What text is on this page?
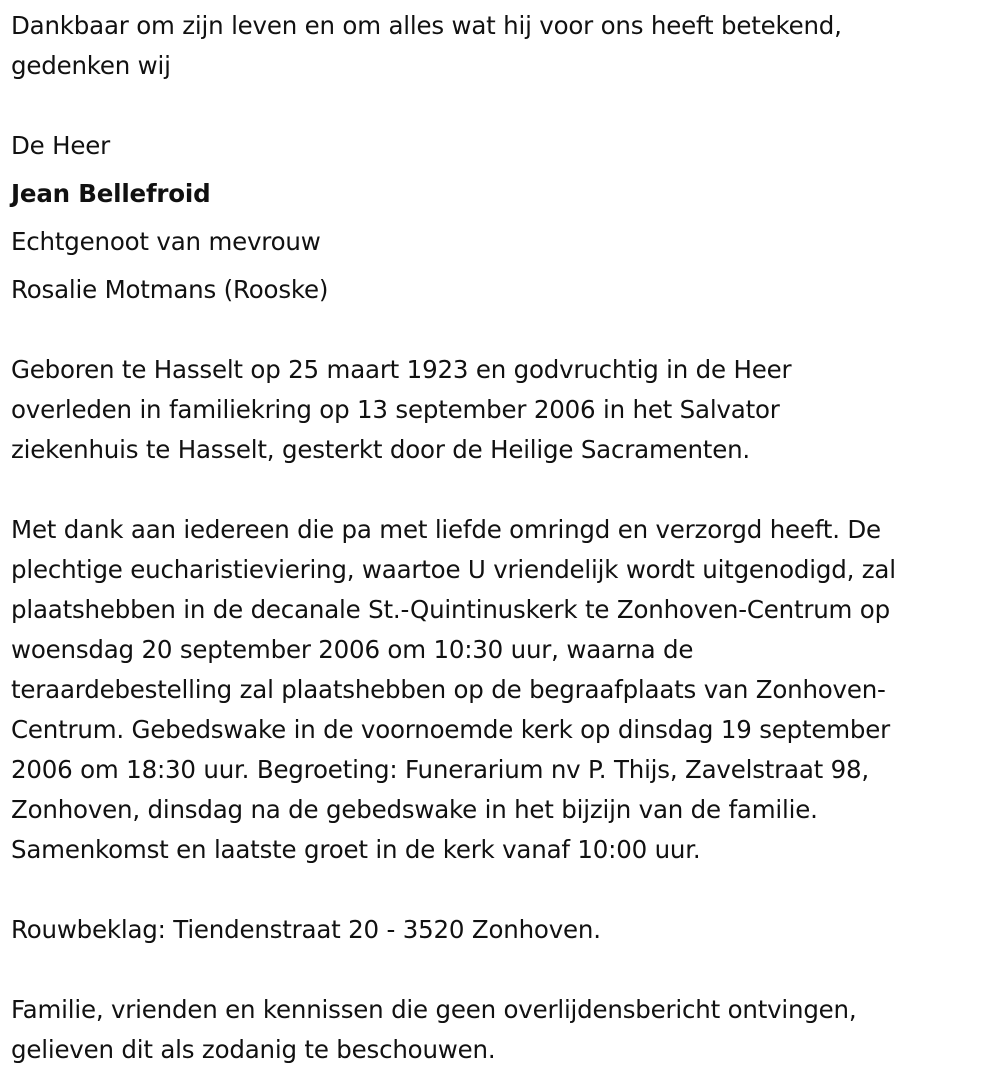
Dankbaar om zijn leven en om alles wat hij voor ons heeft betekend,
gedenken wij
De Heer
Jean Bellefroid
Echtgenoot van mevrouw
Rosalie Motmans (Rooske)
Geboren te Hasselt op 25 maart 1923 en godvruchtig in de Heer
overleden in familiekring op 13 september 2006 in het Salvator
ziekenhuis te Hasselt, gesterkt door de Heilige Sacramenten.
Met dank aan iedereen die pa met liefde omringd en verzorgd heeft. De
plechtige eucharistieviering, waartoe U vriendelijk wordt uitgenodigd, zal
plaatshebben in de decanale St.-Quintinuskerk te Zonhoven-Centrum op
woensdag 20 september 2006 om 10:30 uur, waarna de
teraardebestelling zal plaatshebben op de begraafplaats van Zonhoven-
Centrum. Gebedswake in de voornoemde kerk op dinsdag 19 september
2006 om 18:30 uur. Begroeting: Funerarium nv P. Thijs, Zavelstraat 98,
Zonhoven, dinsdag na de gebedswake in het bijzijn van de familie.
Samenkomst en laatste groet in de kerk vanaf 10:00 uur.
Rouwbeklag: Tiendenstraat 20 - 3520 Zonhoven.
Familie, vrienden en kennissen die geen overlijdensbericht ontvingen,
gelieven dit als zodanig te beschouwen.
